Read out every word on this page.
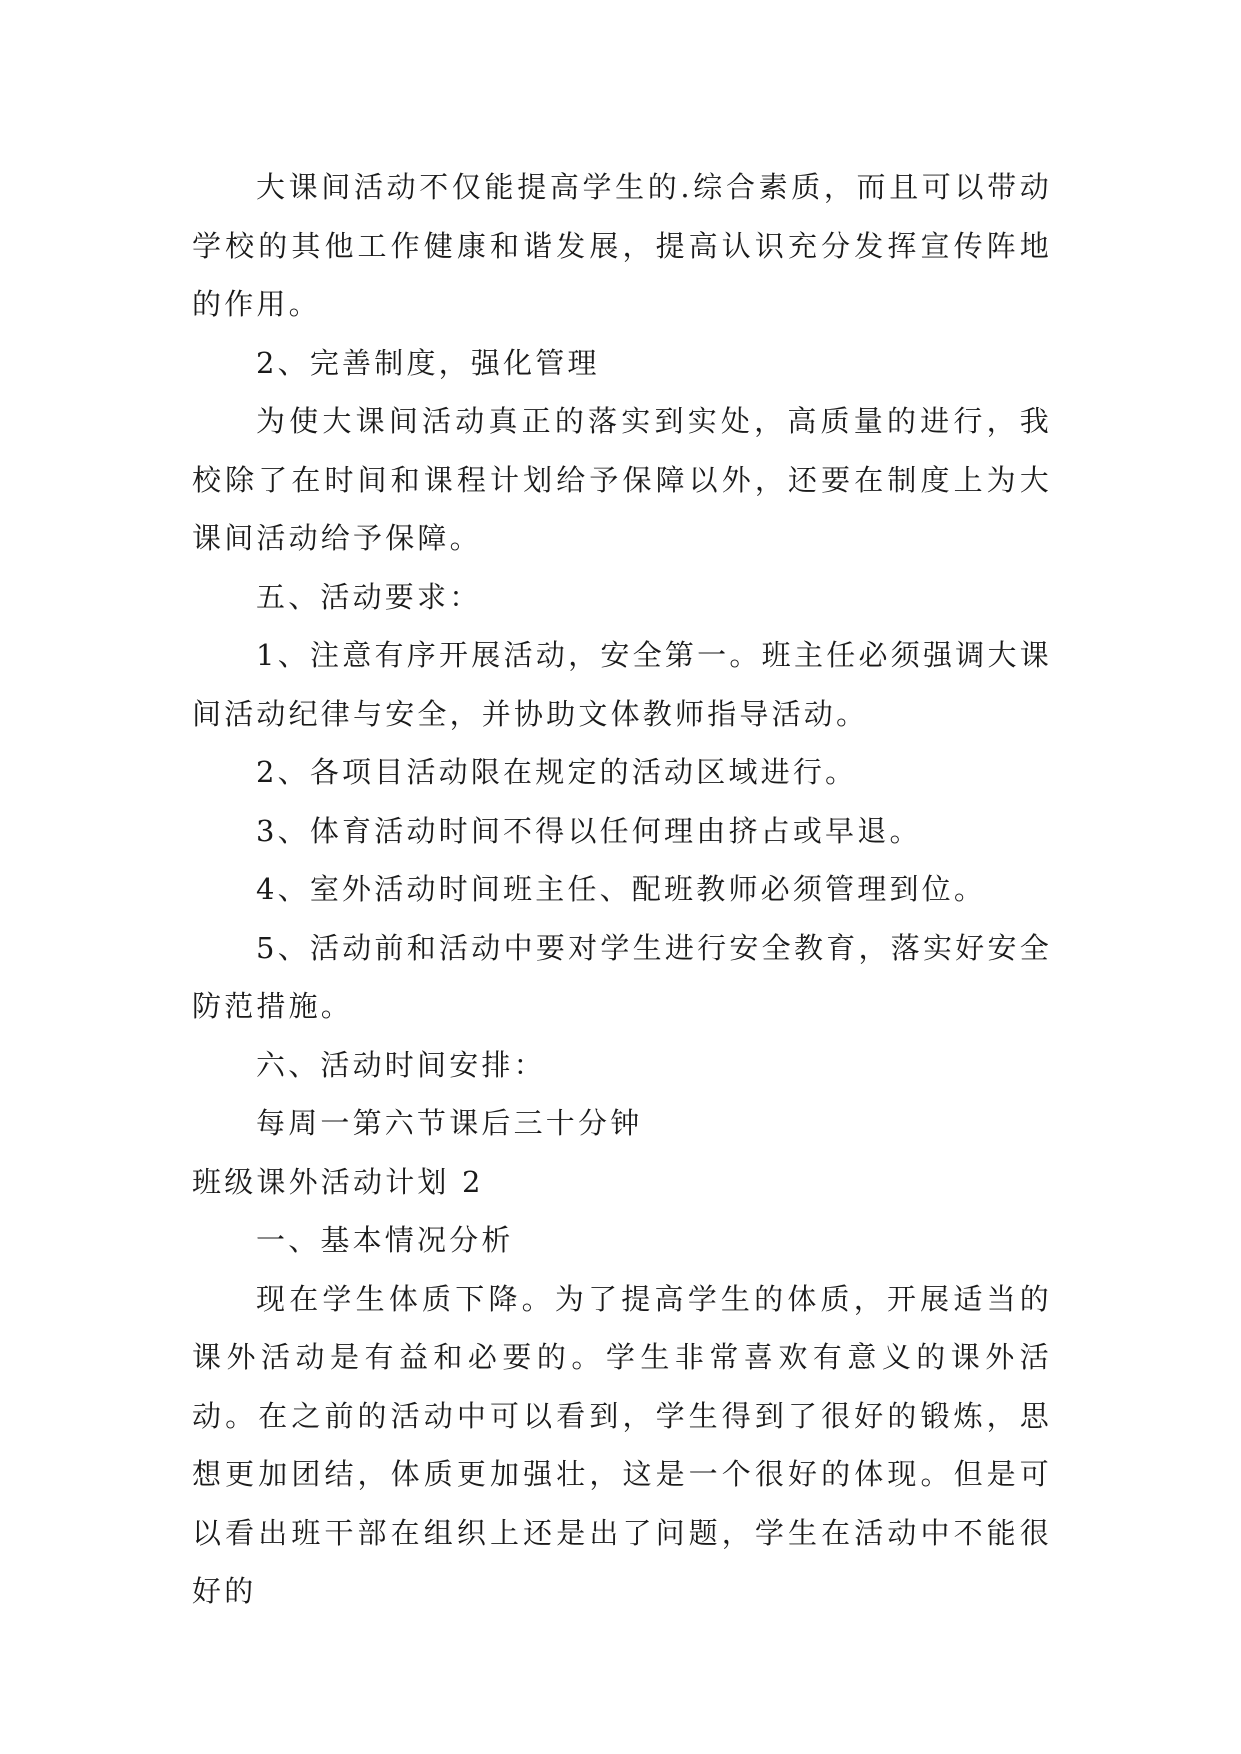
大课间活动不仅能提高学生的.综合素质，而且可以带动学校的其他工作健康和谐发展，提高认识充分发挥宣传阵地的作用。

2、完善制度，强化管理

为使大课间活动真正的落实到实处，高质量的进行，我校除了在时间和课程计划给予保障以外，还要在制度上为大课间活动给予保障。

五、活动要求：

1、注意有序开展活动，安全第一。班主任必须强调大课间活动纪律与安全，并协助文体教师指导活动。

2、各项目活动限在规定的活动区域进行。

3、体育活动时间不得以任何理由挤占或早退。

4、室外活动时间班主任、配班教师必须管理到位。

5、活动前和活动中要对学生进行安全教育，落实好安全防范措施。

六、活动时间安排：

每周一第六节课后三十分钟

班级课外活动计划 2

一、基本情况分析

现在学生体质下降。为了提高学生的体质，开展适当的课外活动是有益和必要的。学生非常喜欢有意义的课外活动。在之前的活动中可以看到，学生得到了很好的锻炼，思想更加团结，体质更加强壮，这是一个很好的体现。但是可以看出班干部在组织上还是出了问题，学生在活动中不能很好的
